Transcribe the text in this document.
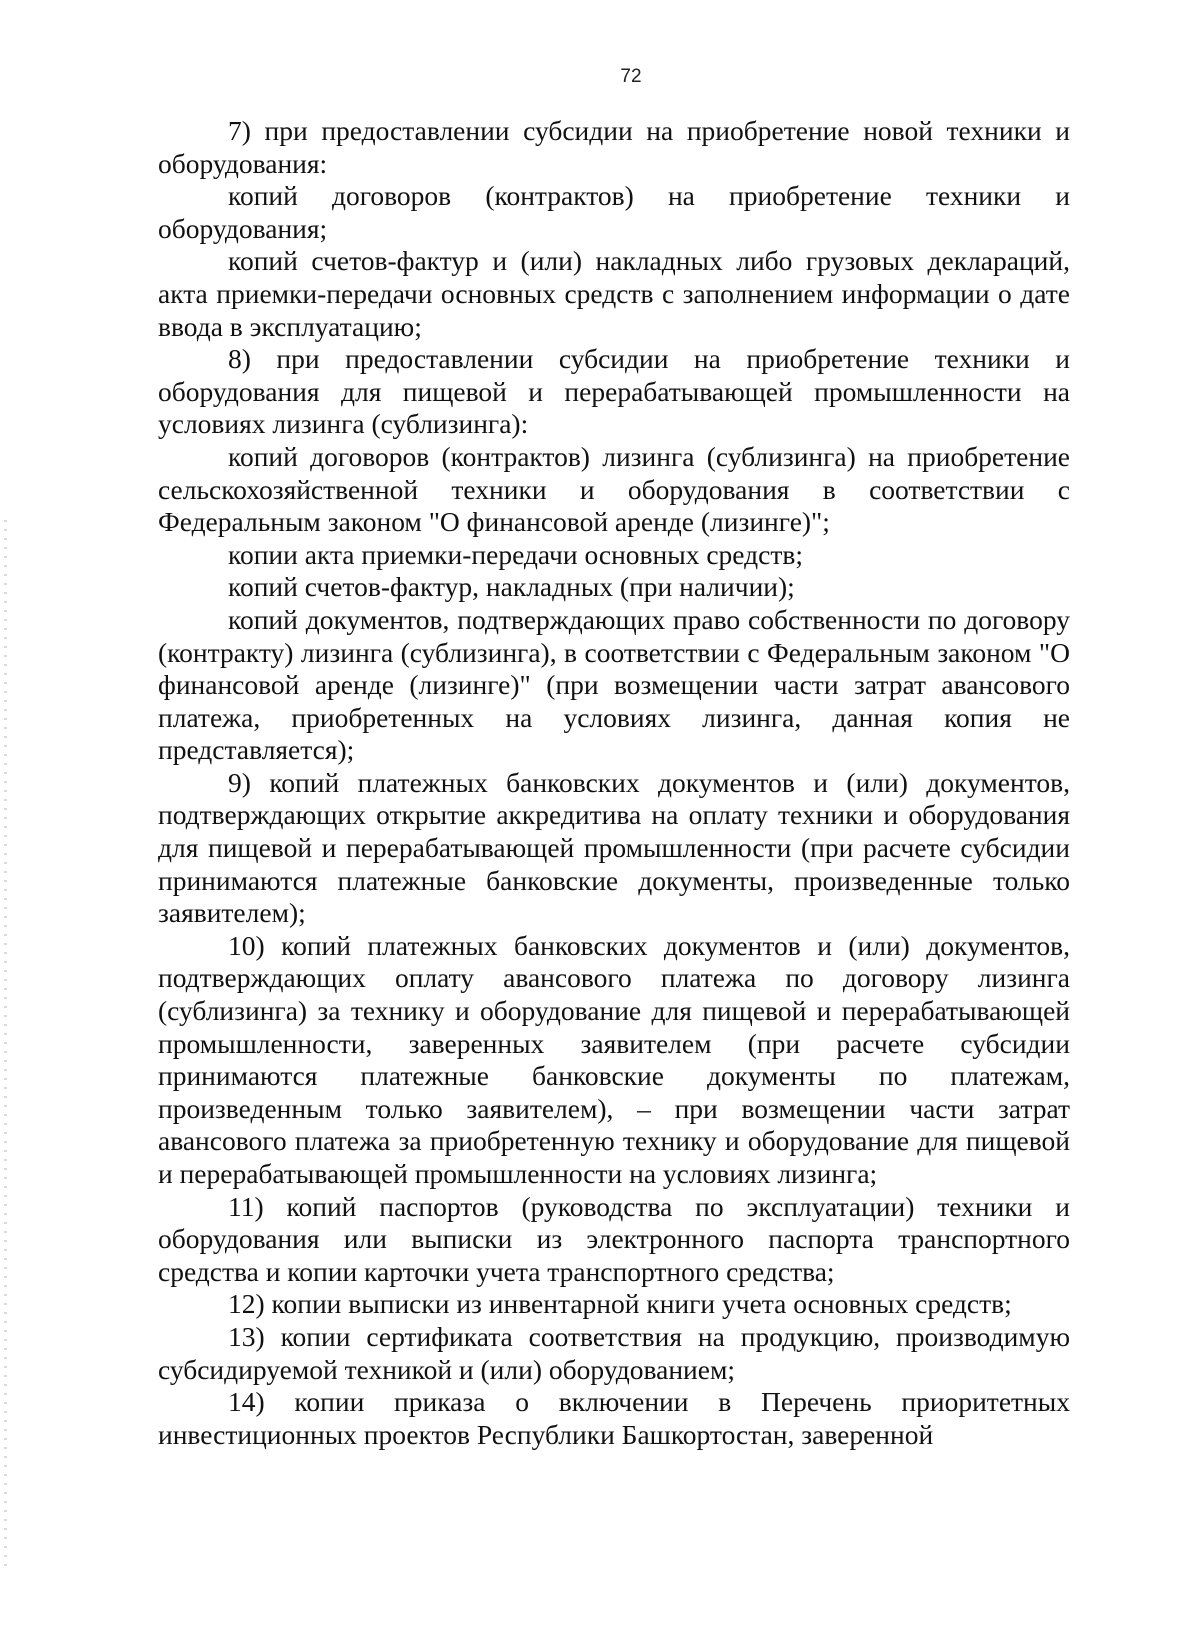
72

7) при предоставлении субсидии на приобретение новой техники и оборудования:

копий договоров (контрактов) на приобретение техники и оборудования;

копий счетов-фактур и (или) накладных либо грузовых деклараций, акта приемки-передачи основных средств с заполнением информации о дате ввода в эксплуатацию;

8) при предоставлении субсидии на приобретение техники и оборудования для пищевой и перерабатывающей промышленности на условиях лизинга (сублизинга):

копий договоров (контрактов) лизинга (сублизинга) на приобретение сельскохозяйственной техники и оборудования в соответствии с Федеральным законом "О финансовой аренде (лизинге)";

копии акта приемки-передачи основных средств;

копий счетов-фактур, накладных (при наличии);

копий документов, подтверждающих право собственности по договору (контракту) лизинга (сублизинга), в соответствии с Федеральным законом "О финансовой аренде (лизинге)" (при возмещении части затрат авансового платежа, приобретенных на условиях лизинга, данная копия не представляется);

9) копий платежных банковских документов и (или) документов, подтверждающих открытие аккредитива на оплату техники и оборудования для пищевой и перерабатывающей промышленности (при расчете субсидии принимаются платежные банковские документы, произведенные только заявителем);

10) копий платежных банковских документов и (или) документов, подтверждающих оплату авансового платежа по договору лизинга (сублизинга) за технику и оборудование для пищевой и перерабатывающей промышленности, заверенных заявителем (при расчете субсидии принимаются платежные банковские документы по платежам, произведенным только заявителем), – при возмещении части затрат авансового платежа за приобретенную технику и оборудование для пищевой и перерабатывающей промышленности на условиях лизинга;

11) копий паспортов (руководства по эксплуатации) техники и оборудования или выписки из электронного паспорта транспортного средства и копии карточки учета транспортного средства;

12) копии выписки из инвентарной книги учета основных средств;

13) копии сертификата соответствия на продукцию, производимую субсидируемой техникой и (или) оборудованием;

14) копии приказа о включении в Перечень приоритетных инвестиционных проектов Республики Башкортостан, заверенной
